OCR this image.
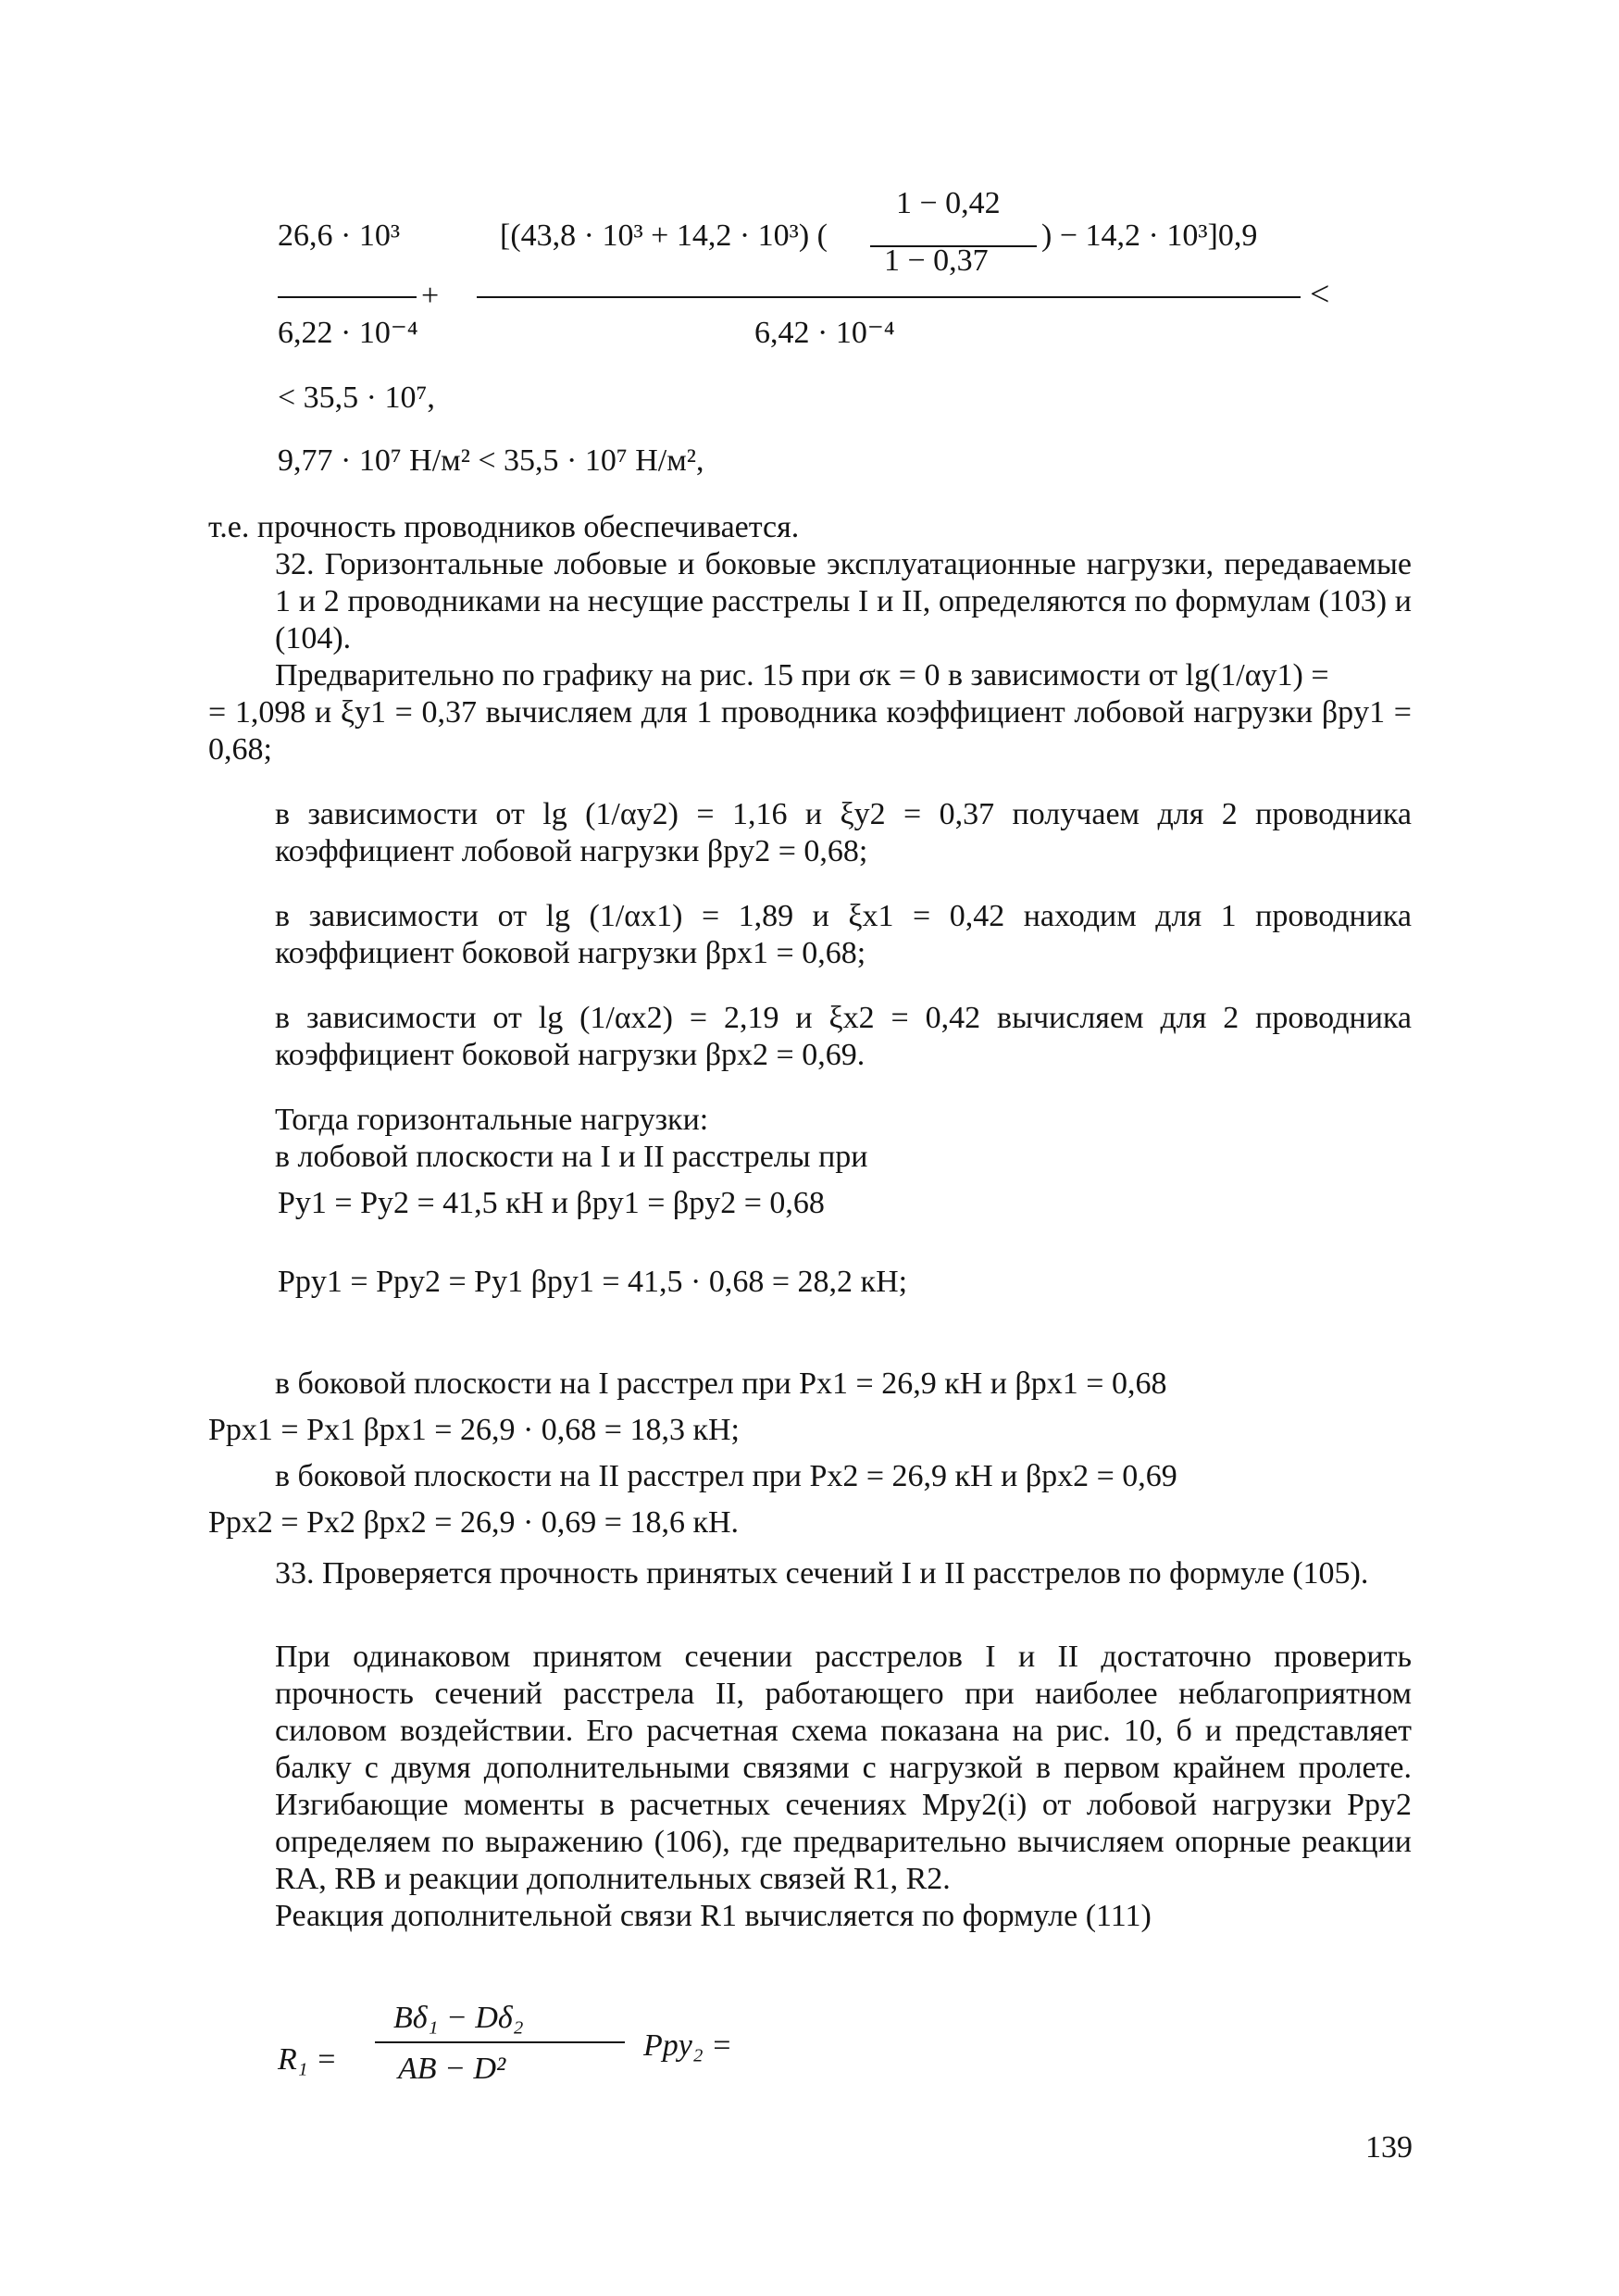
1 − 0,42
26,6 · 10³	[(43,8 · 10³ + 14,2 · 10³) (
1 − 0,37
) − 14,2 · 10³]0,9
+	<
6,22 · 10⁻⁴	6,42 · 10⁻⁴
< 35,5 · 10⁷,
9,77 · 10⁷ Н/м² < 35,5 · 10⁷ Н/м²,
т.е. прочность проводников обеспечивается.
32. Горизонтальные лобовые и боковые эксплуатационные нагрузки, передаваемые 1 и 2 проводниками на несущие расстрелы I и II, определяются по формулам (103) и (104).
Предварительно по графику на рис. 15 при σк = 0 в зависимости от lg(1/αy1) =
= 1,098 и ξy1 = 0,37 вычисляем для 1 проводника коэффициент лобовой нагрузки βpy1 = 0,68;
в зависимости от lg (1/αy2) = 1,16 и ξy2 = 0,37 получаем для 2 проводника коэффициент лобовой нагрузки βpy2 = 0,68;
в зависимости от lg (1/αx1) = 1,89 и ξx1 = 0,42 находим для 1 проводника коэффициент боковой нагрузки βpx1 = 0,68;
в зависимости от lg (1/αx2) = 2,19 и ξx2 = 0,42 вычисляем для 2 проводника коэффициент боковой нагрузки βpx2 = 0,69.
Тогда горизонтальные нагрузки:
в лобовой плоскости на I и II расстрелы при
Py1 = Py2 = 41,5 кН и βpy1 = βpy2 = 0,68
Ppy1 = Ppy2 = Py1 βpy1 = 41,5 · 0,68 = 28,2 кН;
в боковой плоскости на I расстрел при Px1 = 26,9 кН и βpx1 = 0,68
Ppx1 = Px1 βpx1 = 26,9 · 0,68 = 18,3 кН;
в боковой плоскости на II расстрел при Px2 = 26,9 кН и βpx2 = 0,69
Ppx2 = Px2 βpx2 = 26,9 · 0,69 = 18,6 кН.
33. Проверяется прочность принятых сечений I и II расстрелов по формуле (105).
При одинаковом принятом сечении расстрелов I и II достаточно проверить прочность сечений расстрела II, работающего при наиболее неблагоприятном силовом воздействии. Его расчетная схема показана на рис. 10, б и представляет балку с двумя дополнительными связями с нагрузкой в первом крайнем пролете. Изгибающие моменты в расчетных сечениях Mpy2(i) от лобовой нагрузки Ppy2 определяем по выражению (106), где предварительно вычисляем опорные реакции RA, RB и реакции дополнительных связей R1, R2.
Реакция дополнительной связи R1 вычисляется по формуле (111)
R₁ =
Bδ₁ − Dδ₂
AB − D²
Ppy₂ =
139
